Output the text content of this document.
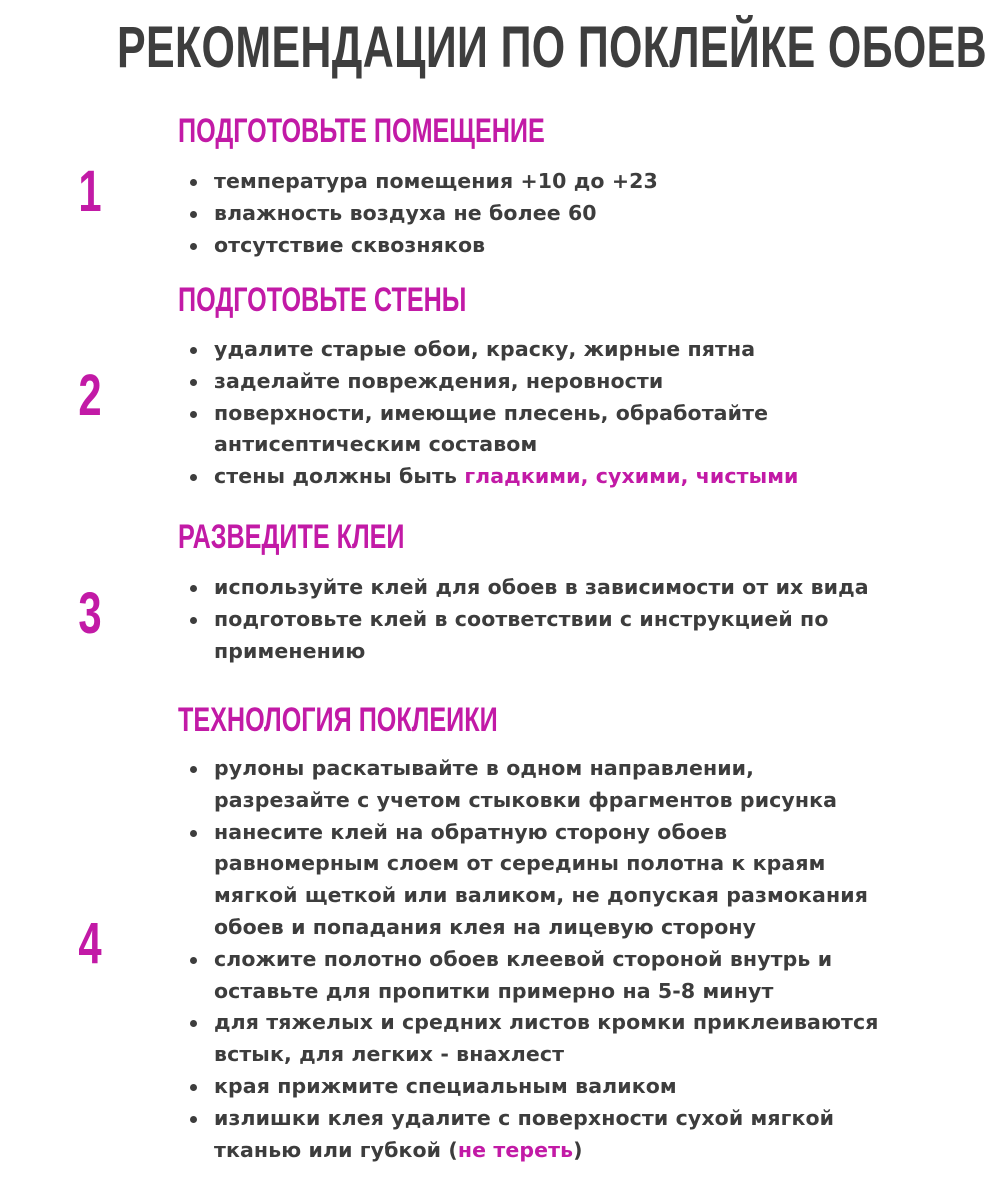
РЕКОМЕНДАЦИИ ПО ПОКЛЕЙКЕ ОБОЕВ
1
ПОДГОТОВЬТЕ ПОМЕЩЕНИЕ
температура помещения +10 до +23
влажность воздуха не более 60
отсутствие сквозняков
2
ПОДГОТОВЬТЕ СТЕНЫ
удалите старые обои, краску, жирные пятна
заделайте повреждения, неровности
поверхности, имеющие плесень, обработайте антисептическим составом
стены должны быть гладкими, сухими, чистыми
3
РАЗВЕДИТЕ КЛЕИ
используйте клей для обоев в зависимости от их вида
подготовьте клей в соответствии с инструкцией по применению
4
ТЕХНОЛОГИЯ ПОКЛЕИКИ
рулоны раскатывайте в одном направлении, разрезайте с учетом стыковки фрагментов рисунка
нанесите клей на обратную сторону обоев равномерным слоем от середины полотна к краям мягкой щеткой или валиком, не допуская размокания обоев и попадания клея на лицевую сторону
сложите полотно обоев клеевой стороной внутрь и оставьте для пропитки примерно на 5-8 минут
для тяжелых и средних листов кромки приклеиваются встык, для легких - внахлест
края прижмите специальным валиком
излишки клея удалите с поверхности сухой мягкой тканью или губкой (не тереть)
